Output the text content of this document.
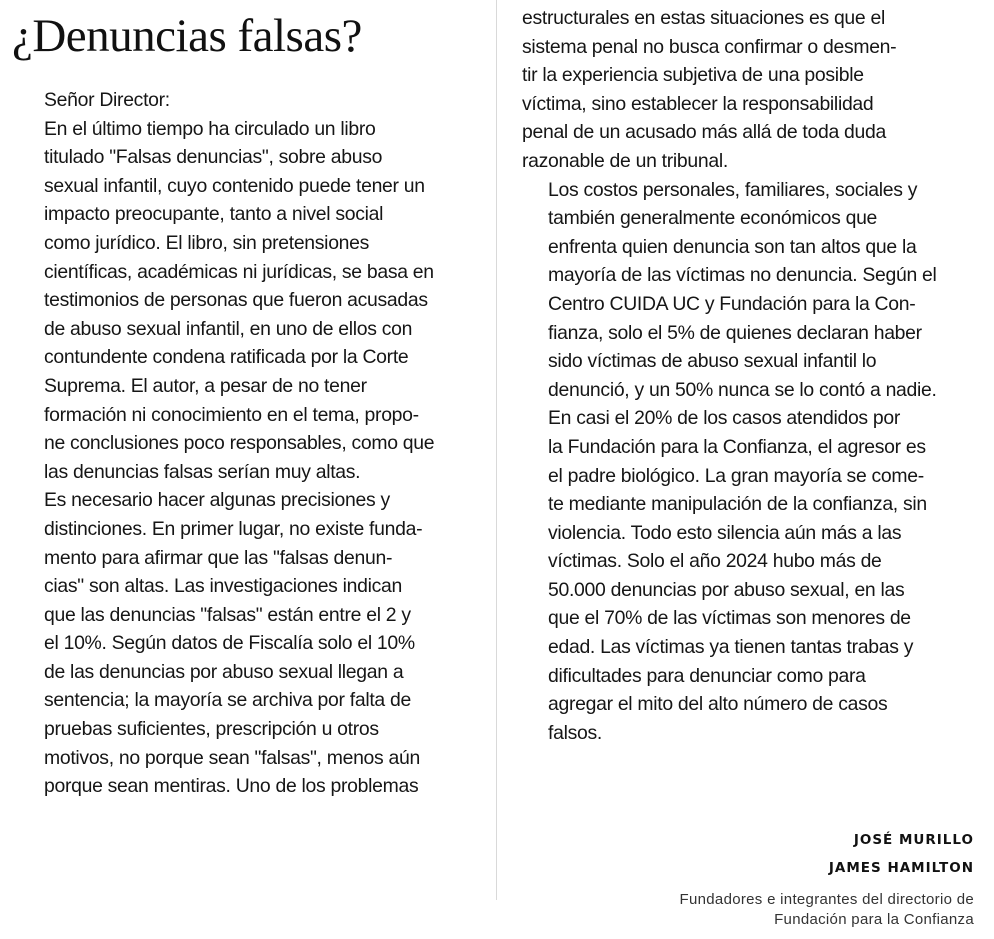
¿Denuncias falsas?

Señor Director:

En el último tiempo ha circulado un libro
titulado "Falsas denuncias", sobre abuso
sexual infantil, cuyo contenido puede tener un
impacto preocupante, tanto a nivel social
como jurídico. El libro, sin pretensiones
científicas, académicas ni jurídicas, se basa en
testimonios de personas que fueron acusadas
de abuso sexual infantil, en uno de ellos con
contundente condena ratificada por la Corte
Suprema. El autor, a pesar de no tener
formación ni conocimiento en el tema, propo-
ne conclusiones poco responsables, como que
las denuncias falsas serían muy altas.

Es necesario hacer algunas precisiones y
distinciones. En primer lugar, no existe funda-
mento para afirmar que las "falsas denun-
cias" son altas. Las investigaciones indican
que las denuncias "falsas" están entre el 2 y
el 10%. Según datos de Fiscalía solo el 10%
de las denuncias por abuso sexual llegan a
sentencia; la mayoría se archiva por falta de
pruebas suficientes, prescripción u otros
motivos, no porque sean "falsas", menos aún
porque sean mentiras. Uno de los problemas

estructurales en estas situaciones es que el
sistema penal no busca confirmar o desmen-
tir la experiencia subjetiva de una posible
víctima, sino establecer la responsabilidad
penal de un acusado más allá de toda duda
razonable de un tribunal.

Los costos personales, familiares, sociales y
también generalmente económicos que
enfrenta quien denuncia son tan altos que la
mayoría de las víctimas no denuncia. Según el
Centro CUIDA UC y Fundación para la Con-
fianza, solo el 5% de quienes declaran haber
sido víctimas de abuso sexual infantil lo
denunció, y un 50% nunca se lo contó a nadie.

En casi el 20% de los casos atendidos por
la Fundación para la Confianza, el agresor es
el padre biológico. La gran mayoría se come-
te mediante manipulación de la confianza, sin
violencia. Todo esto silencia aún más a las
víctimas. Solo el año 2024 hubo más de
50.000 denuncias por abuso sexual, en las
que el 70% de las víctimas son menores de
edad. Las víctimas ya tienen tantas trabas y
dificultades para denunciar como para
agregar el mito del alto número de casos
falsos.

JOSÉ MURILLO
JAMES HAMILTON
Fundadores e integrantes del directorio de
Fundación para la Confianza
